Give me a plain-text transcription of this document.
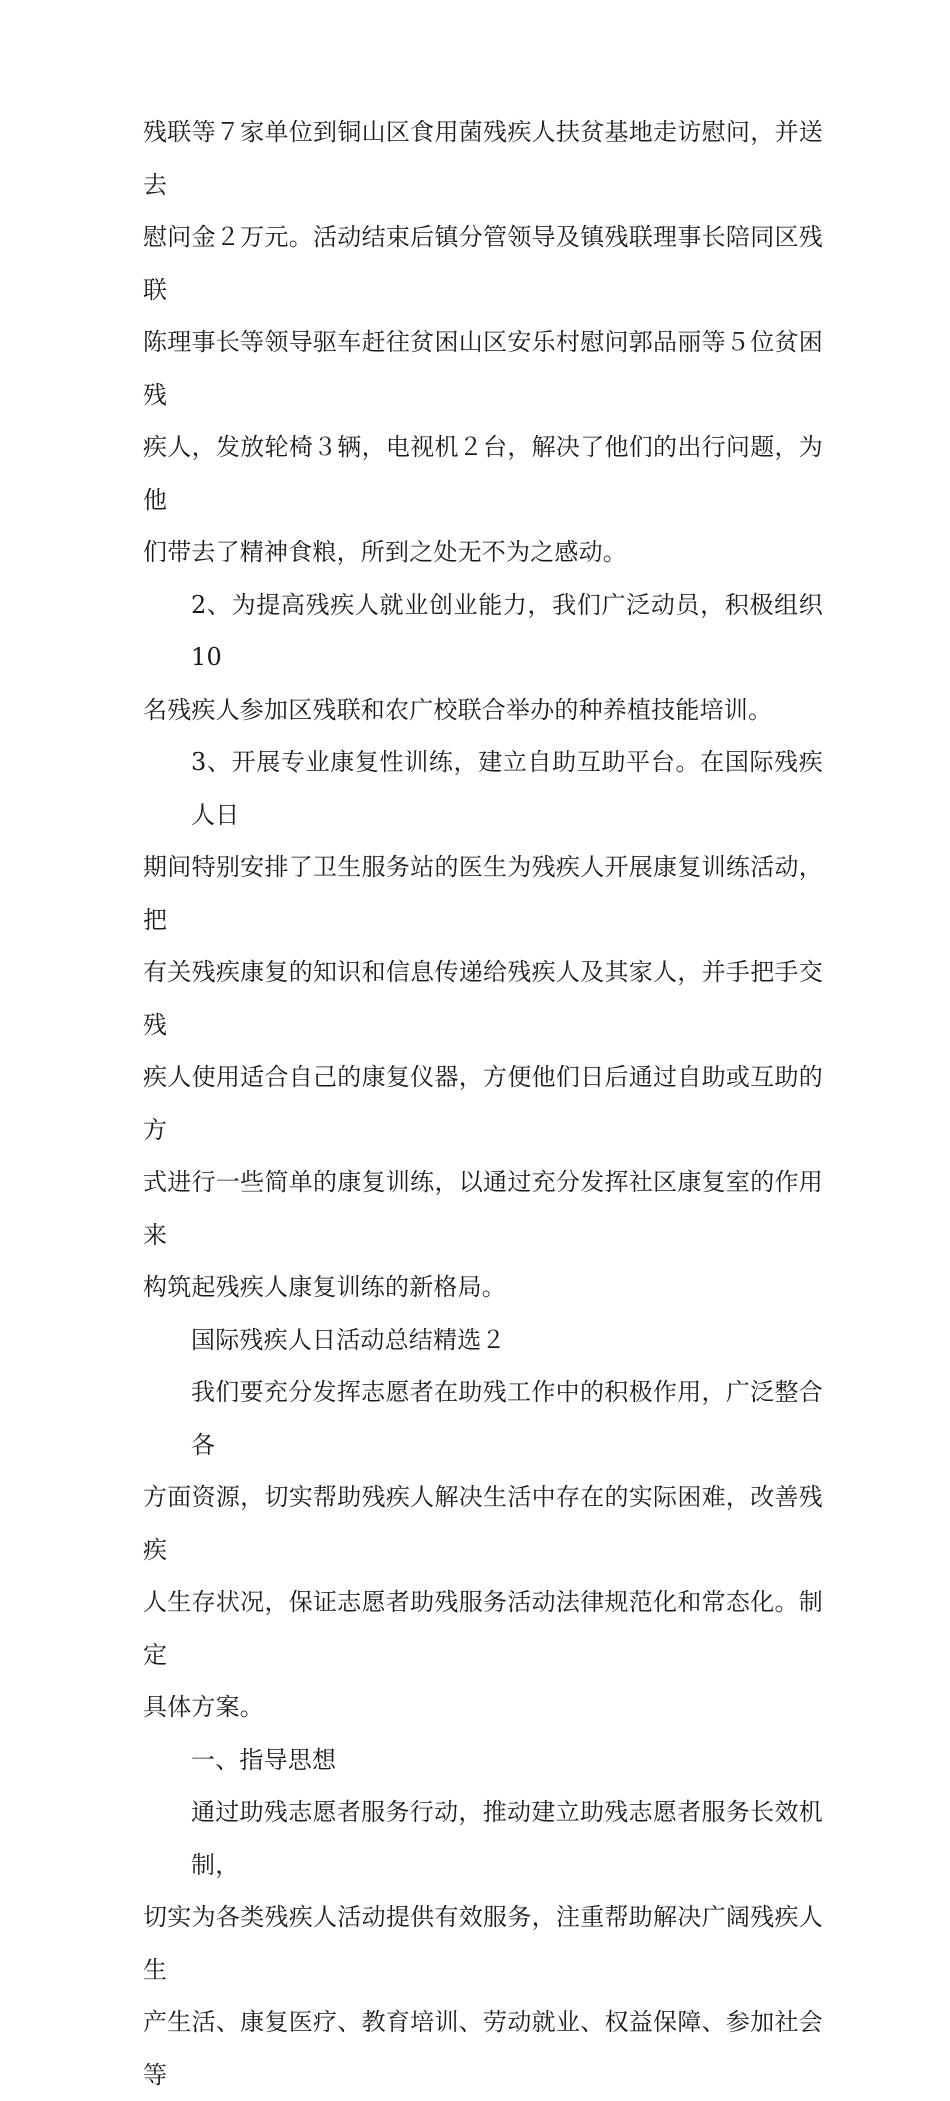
残联等７家单位到铜山区食用菌残疾人扶贫基地走访慰问，并送去
慰问金２万元。活动结束后镇分管领导及镇残联理事长陪同区残联
陈理事长等领导驱车赶往贫困山区安乐村慰问郭品丽等５位贫困残
疾人，发放轮椅３辆，电视机２台，解决了他们的出行问题，为他
们带去了精神食粮，所到之处无不为之感动。
2、为提高残疾人就业创业能力，我们广泛动员，积极组织 10
名残疾人参加区残联和农广校联合举办的种养植技能培训。
3、开展专业康复性训练，建立自助互助平台。在国际残疾人日
期间特别安排了卫生服务站的医生为残疾人开展康复训练活动，把
有关残疾康复的知识和信息传递给残疾人及其家人，并手把手交残
疾人使用适合自己的康复仪器，方便他们日后通过自助或互助的方
式进行一些简单的康复训练，以通过充分发挥社区康复室的作用来
构筑起残疾人康复训练的新格局。
国际残疾人日活动总结精选２
我们要充分发挥志愿者在助残工作中的积极作用，广泛整合各
方面资源，切实帮助残疾人解决生活中存在的实际困难，改善残疾
人生存状况，保证志愿者助残服务活动法律规范化和常态化。制定
具体方案。
一、指导思想
通过助残志愿者服务行动，推动建立助残志愿者服务长效机制，
切实为各类残疾人活动提供有效服务，注重帮助解决广阔残疾人生
产生活、康复医疗、教育培训、劳动就业、权益保障、参加社会等
